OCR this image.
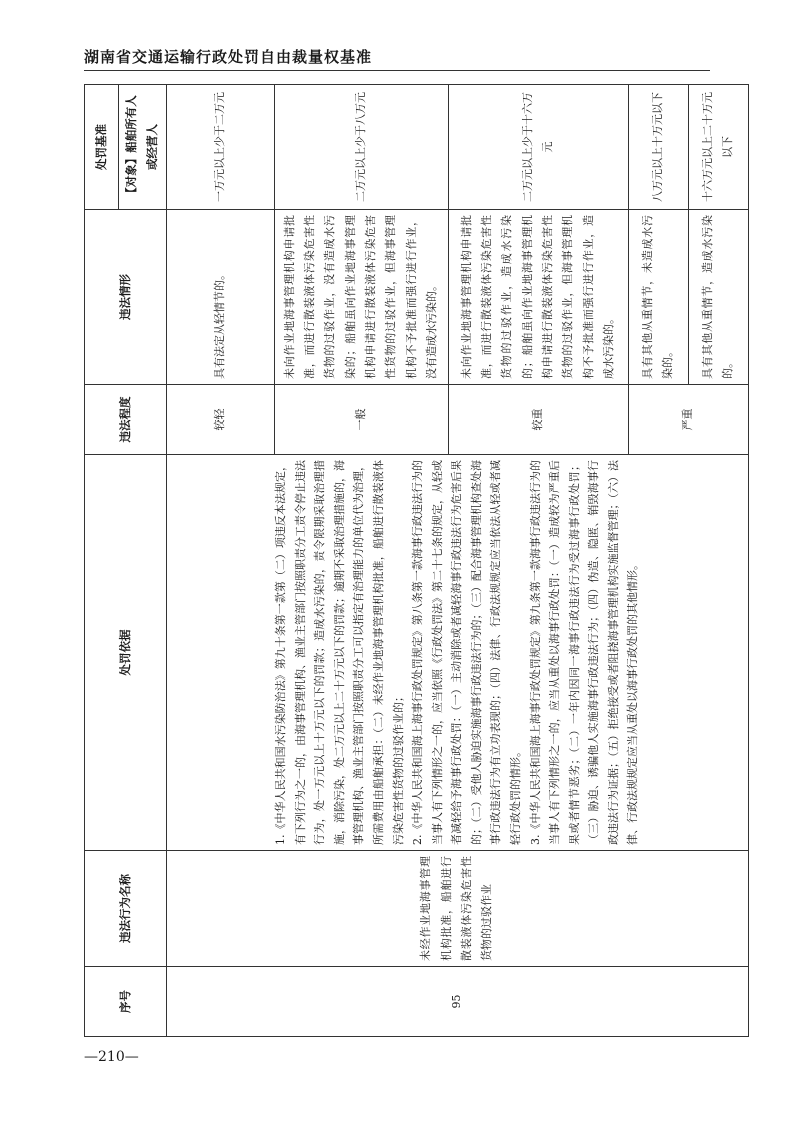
湖南省交通运输行政处罚自由裁量权基准
序号	违法行为名称	处罚依据	违法程度	违法情形	处罚基准
					【对象】船舶所有人或经营人
95	未经作业地海事管理机构批准，船舶进行散装液体污染危害性货物的过驳作业	1.《中华人民共和国水污染防治法》第九十条第一款第（二）项违反本法规定，有下列行为之一的，由海事管理机构、渔业主管部门按照职责分工责令停止违法行为，处一万元以上十万元以下的罚款；造成水污染的，责令限期采取治理措施，消除污染，处二万元以上二十万元以下的罚款；逾期不采取治理措施的，海事管理机构、渔业主管部门按照职责分工可以指定有治理能力的单位代为治理，所需费用由船舶承担：（二）未经作业地海事管理机构批准，船舶进行散装液体污染危害性货物的过驳作业的； 2.《中华人民共和国海上海事行政处罚规定》第八条第一款海事行政违法行为的当事人有下列情形之一的，应当依照《行政处罚法》第二十七条的规定，从轻或者减轻给予海事行政处罚：（一）主动消除或者减轻海事行政违法行为危害后果的；（二）受他人胁迫实施海事行政违法行为的；（三）配合海事管理机构查处海事行政违法行为有立功表现的；（四）法律、行政法规规定应当依法从轻或者减轻行政处罚的情形。 3.《中华人民共和国海上海事行政处罚规定》第九条第一款海事行政违法行为的当事人有下列情形之一的，应当从重处以海事行政处罚：（一）造成较为严重后果或者情节恶劣；（二）一年内因同一海事行政违法行为受过海事行政处罚；（三）胁迫、诱骗他人实施海事行政违法行为；（四）伪造、隐匿、销毁海事行政违法行为证据；（五）拒绝接受或者阻挠海事管理机构实施监督管理；（六）法律、行政法规规定应当从重处以海事行政处罚的其他情形。	较轻	具有法定从轻情节的。	一万元以上少于二万元
			一般	未向作业地海事管理机构申请批准，而进行散装液体污染危害性货物的过驳作业，没有造成水污染的；船舶虽向作业地海事管理机构申请进行散装液体污染危害性货物的过驳作业，但海事管理机构不予批准而强行进行作业，没有造成水污染的。	二万元以上少于八万元
			较重	未向作业地海事管理机构申请批准，而进行散装液体污染危害性货物的过驳作业，造成水污染的；船舶虽向作业地海事管理机构申请进行散装液体污染危害性货物的过驳作业，但海事管理机构不予批准而强行进行作业，造成水污染的。	二万元以上少于十六万元
			严重	具有其他从重情节，未造成水污染的。	八万元以上十万元以下
				具有其他从重情节，造成水污染的。	十六万元以上二十万元以下
—210—
